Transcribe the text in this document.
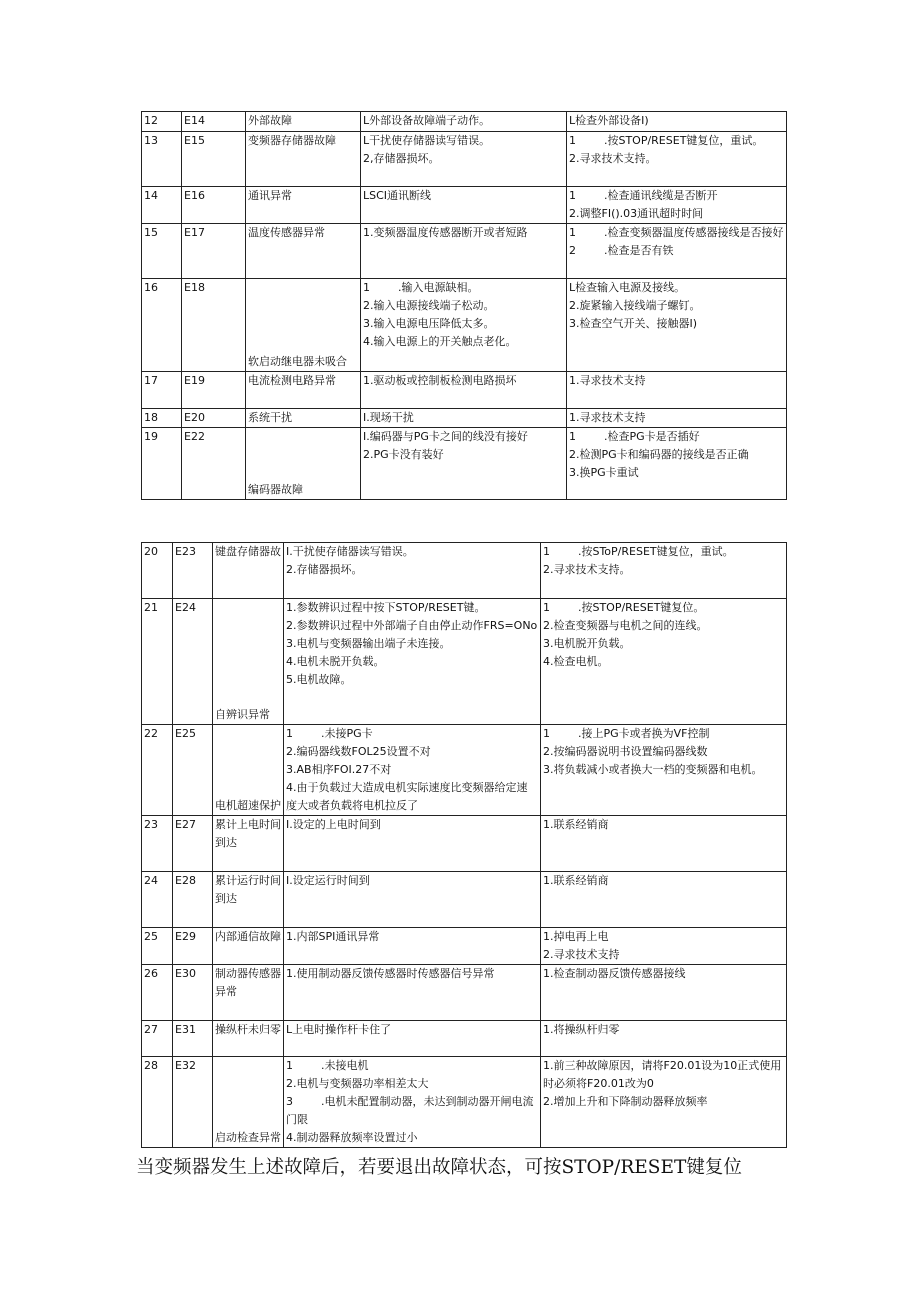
12	E14	外部故障	L外部设备故障端子动作。	L检查外部设备I)

13	E15	变频器存储器故障	L干扰使存储器读写错误。
2,存储器损坏。	1        .按STOP/RESET键复位，重试。
2.寻求技术支持。

14	E16	通讯异常	LSCI通讯断线	1        .检查通讯线缆是否断开
2.调整FI().03通讯超时时间

15	E17	温度传感器异常	1.变频器温度传感器断开或者短路	1        .检查变频器温度传感器接线是否接好
2        .检查是否有铁

16	E18	软启动继电器未吸合	1        .输入电源缺相。
2.输入电源接线端子松动。
3.输入电源电压降低太多。
4.输入电源上的开关触点老化。	L检查输入电源及接线。
2.旋紧输入接线端子螺钉。
3.检查空气开关、接触器I)

17	E19	电流检测电路异常	1.驱动板或控制板检测电路损坏	1.寻求技术支持

18	E20	系统干扰	I.现场干扰	1.寻求技术支持

19	E22	编码器故障	I.编码器与PG卡之间的线没有接好
2.PG卡没有装好	1        .检查PG卡是否插好
2.检测PG卡和编码器的接线是否正确
3.换PG卡重试
20	E23	键盘存储器故	I.干扰使存储器读写错误。
2.存储器损坏。	1        .按SToP/RESET键复位，重试。
2.寻求技术支持。

21	E24	自辨识异常	1.参数辨识过程中按下STOP/RESET键。
2.参数辨识过程中外部端子自由停止动作FRS=ONo
3.电机与变频器输出端子未连接。
4.电机未脱开负载。
5.电机故障。	1        .按STOP/RESET键复位。
2.检查变频器与电机之间的连线。
3.电机脱开负载。
4.检查电机。

22	E25	电机超速保护	1        .未接PG卡
2.编码器线数FOL25设置不对
3.AB相序FOI.27不对
4.由于负载过大造成电机实际速度比变频器给定速度大或者负载将电机拉反了	1        .接上PG卡或者换为VF控制
2.按编码器说明书设置编码器线数
3.将负载减小或者换大一档的变频器和电机。

23	E27	累计上电时间到达	I.设定的上电时间到	1.联系经销商

24	E28	累计运行时间到达	I.设定运行时间到	1.联系经销商

25	E29	内部通信故障	1.内部SPI通讯异常	1.掉电再上电
2.寻求技术支持

26	E30	制动器传感器异常	1.使用制动器反馈传感器时传感器信号异常	1.检查制动器反馈传感器接线

27	E31	操纵杆未归零	L上电时操作杆卡住了	1.将操纵杆归零

28	E32	启动检查异常	1        .未接电机
2.电机与变频器功率相差太大
3        .电机未配置制动器，未达到制动器开闸电流门限
4.制动器释放频率设置过小	1.前三种故障原因，请将F20.01设为10正式使用时必须将F20.01改为0
2.增加上升和下降制动器释放频率
当变频器发生上述故障后，若要退出故障状态，可按STOP/RESET键复位
